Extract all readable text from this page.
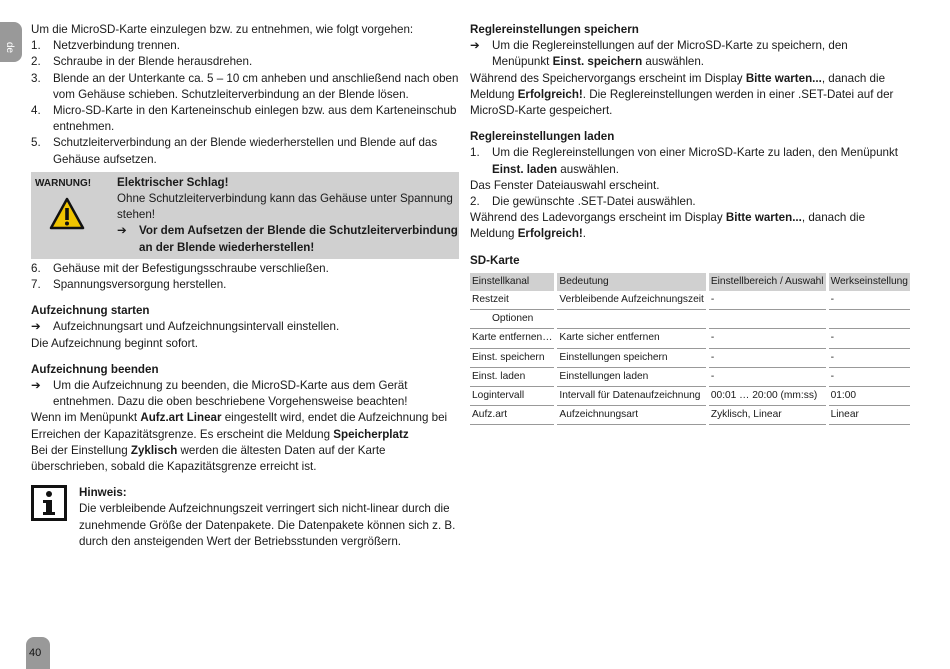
de
40

Um die MicroSD-Karte einzulegen bzw. zu entnehmen, wie folgt vorgehen:

1.	Netzverbindung trennen.
2.	Schraube in der Blende herausdrehen.
3.	Blende an der Unterkante ca. 5 – 10 cm anheben und anschließend nach oben vom Gehäuse schieben. Schutzleiterverbindung an der Blende lösen.
4.	Micro-SD-Karte in den Karteneinschub einlegen bzw. aus dem Karteneinschub entnehmen.
5.	Schutzleiterverbindung an der Blende wiederherstellen und Blende auf das Gehäuse aufsetzen.
WARNUNG!	Elektrischer Schlag!

Ohne Schutzleiterverbindung kann das Gehäuse unter Spannung stehen!

➔	Vor dem Aufsetzen der Blende die Schutzleiterverbindung an der Blende wiederherstellen!
6.	Gehäuse mit der Befestigungsschraube verschließen.
7.	Spannungsversorgung herstellen.
Aufzeichnung starten
➔	Aufzeichnungsart und Aufzeichnungsintervall einstellen.

Die Aufzeichnung beginnt sofort.

Aufzeichnung beenden
➔	Um die Aufzeichnung zu beenden, die MicroSD-Karte aus dem Gerät entnehmen. Dazu die oben beschriebene Vorgehensweise beachten!

Wenn im Menüpunkt Aufz.art Linear eingestellt wird, endet die Aufzeichnung bei Erreichen der Kapazitätsgrenze. Es erscheint die Meldung Speicherplatz

Bei der Einstellung Zyklisch werden die ältesten Daten auf der Karte überschrieben, sobald die Kapazitätsgrenze erreicht ist.

Hinweis:

Die verbleibende Aufzeichnungszeit verringert sich nicht-linear durch die zunehmende Größe der Datenpakete. Die Datenpakete können sich z. B. durch den ansteigenden Wert der Betriebsstunden vergrößern.

Reglereinstellungen speichern
➔	Um die Reglereinstellungen auf der MicroSD-Karte zu speichern, den Menüpunkt Einst. speichern auswählen.

Während des Speichervorgangs erscheint im Display Bitte warten..., danach die Meldung Erfolgreich!. Die Reglereinstellungen werden in einer .SET-Datei auf der MicroSD-Karte gespeichert.

Reglereinstellungen laden
1.	Um die Reglereinstellungen von einer MicroSD-Karte zu laden, den Menüpunkt Einst. laden auswählen.

Das Fenster Dateiauswahl erscheint.

2.	Die gewünschte .SET-Datei auswählen.

Während des Ladevorgangs erscheint im Display Bitte warten..., danach die Meldung Erfolgreich!.

SD-Karte
Einstellkanal	Bedeutung	Einstellbereich / Auswahl	Werkseinstellung
Restzeit	Verbleibende Aufzeichnungszeit	-	-
Optionen			
Karte entfernen…	Karte sicher entfernen	-	-
Einst. speichern	Einstellungen speichern	-	-
Einst. laden	Einstellungen laden	-	-
Logintervall	Intervall für Datenaufzeichnung	00:01 … 20:00 (mm:ss)	01:00
Aufz.art	Aufzeichnungsart	Zyklisch, Linear	Linear
